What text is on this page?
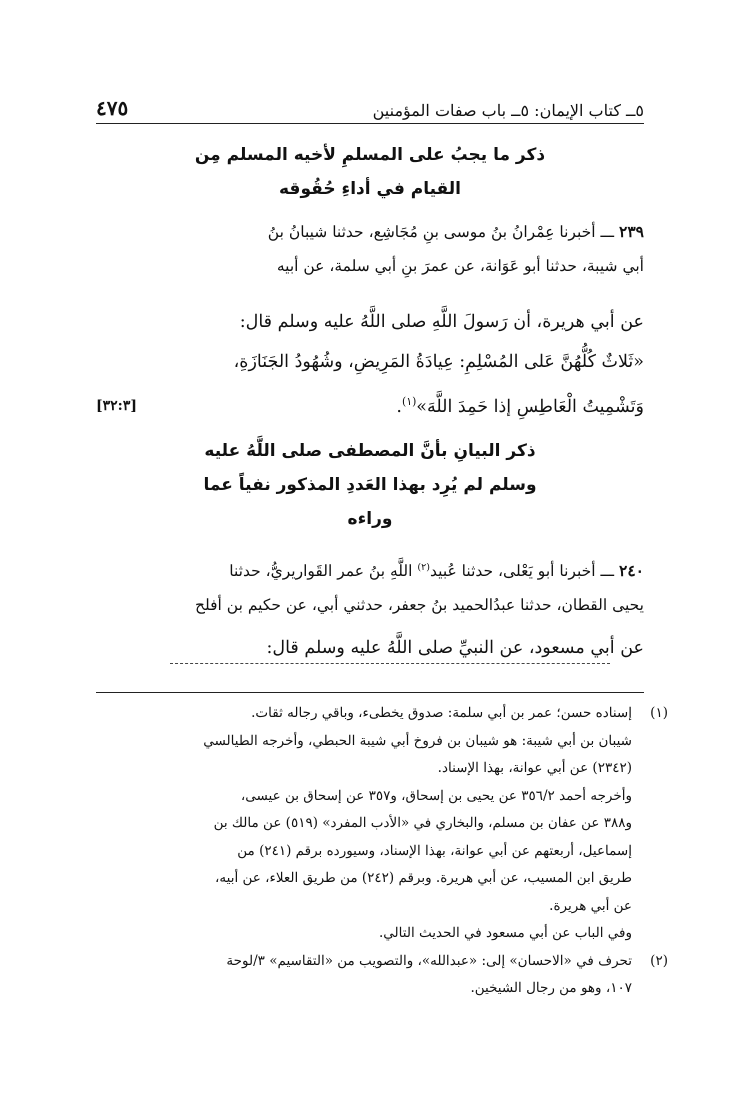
٥ــ كتاب الإيمان: ٥ــ باب صفات المؤمنين
٤٧٥
ذكر ما يجبُ على المسلمِ لأخيه المسلم مِن
القيام في أداءِ حُقُوقه
٢٣٩ ـــ أخبرنا عِمْرانُ بنُ موسى بنِ مُجَاشِع، حدثنا شيبانُ بنُ
أبي شيبة، حدثنا أبو عَوَانة، عن عمرَ بنِ أبي سلمة، عن أبيه
عن أبي هريرة، أن رَسولَ اللَّهِ صلى اللَّهُ عليه وسلم قال:
«ثَلاثٌ كُلُّهُنَّ عَلى المُسْلِمِ: عِيادَةُ المَرِيضِ، وشُهُودُ الجَنَازَةِ،
وَتَشْمِيتُ الْعَاطِسِ إذا حَمِدَ اللَّهَ»$^{(١)}$.
[٣٢:٣]
ذكر البيانِ بأنَّ المصطفى صلى اللَّهُ عليه
وسلم لم يُرِد بهذا العَددِ المذكور نفياً عما
وراءه
٢٤٠ ـــ أخبرنا أبو يَعْلى، حدثنا عُبيد$^{(٢)}$ اللَّهِ بنُ عمر القَواريريُّ، حدثنا
يحيى القطان، حدثنا عبدُالحميد بنُ جعفر، حدثني أبي، عن حكيم بن أفلح
عن أبي مسعود، عن النبيِّ صلى اللَّهُ عليه وسلم قال:
(١)
إسناده حسن؛ عمر بن أبي سلمة: صدوق يخطىء، وباقي رجاله ثقات.
شيبان بن أبي شيبة: هو شيبان بن فروخ أبي شيبة الحبطي، وأخرجه الطيالسي
(٢٣٤٢) عن أبي عوانة، بهذا الإسناد.
وأخرجه أحمد ٣٥٦/٢ عن يحيى بن إسحاق، و٣٥٧ عن إسحاق بن عيسى،
و٣٨٨ عن عفان بن مسلم، والبخاري في «الأدب المفرد» (٥١٩) عن مالك بن
إسماعيل، أربعتهم عن أبي عوانة، بهذا الإسناد، وسيورده برقم (٢٤١) من
طريق ابن المسيب، عن أبي هريرة. وبرقم (٢٤٢) من طريق العلاء، عن أبيه،
عن أبي هريرة.
وفي الباب عن أبي مسعود في الحديث التالي.
(٢)
تحرف في «الاحسان» إلى: «عبدالله»، والتصويب من «التقاسيم» ٣/لوحة
١٠٧، وهو من رجال الشيخين.
